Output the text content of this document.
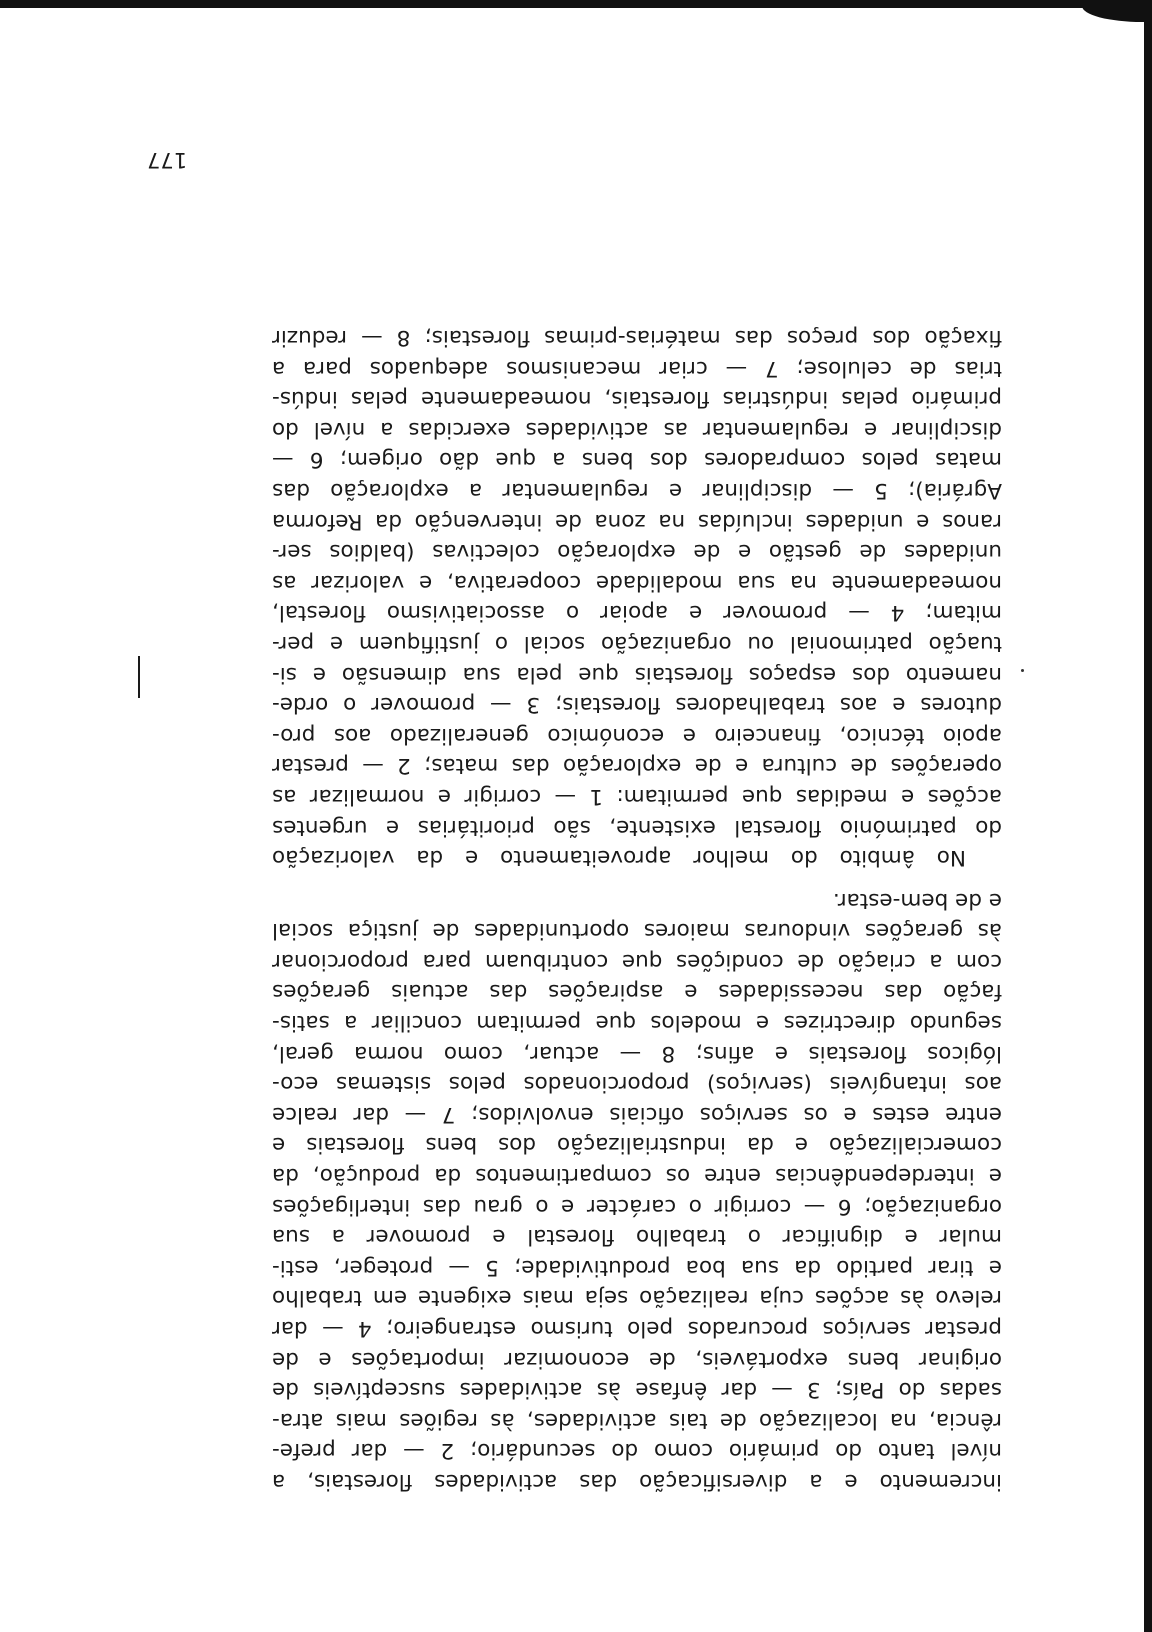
incremento e a diversificação das actividades florestais, a
nível tanto do primário como do secundário; 2 — dar prefe-
rência, na localização de tais actividades, às regiões mais atra-
sadas do País; 3 — dar ênfase às actividades susceptíveis de
originar bens exportáveis, de economizar importações e de
prestar serviços procurados pelo turismo estrangeiro; 4 — dar
relevo às acções cuja realização seja mais exigente em trabalho
e tirar partido da sua boa produtividade; 5 — proteger, esti-
mular e dignificar o trabalho florestal e promover a sua
organização; 6 — corrigir o carácter e o grau das interligações
e interdependências entre os compartimentos da produção, da
comercialização e da industrialização dos bens florestais e
entre estes e os serviços oficiais envolvidos; 7 — dar realce
aos intangíveis (serviços) proporcionados pelos sistemas eco-
lógicos florestais e afins; 8 — actuar, como norma geral,
segundo directrizes e modelos que permitam conciliar a satis-
fação das necessidades e aspirações das actuais gerações
com a criação de condições que contribuam para proporcionar
às gerações vindouras maiores oportunidades de justiça social
e de bem-estar.
No âmbito do melhor aproveitamento e da valorização
do património florestal existente, são prioritárias e urgentes
acções e medidas que permitam: 1 — corrigir e normalizar as
operações de cultura e de exploração das matas; 2 — prestar
apoio técnico, financeiro e económico generalizado aos pro-
dutores e aos trabalhadores florestais; 3 — promover o orde-
namento dos espaços florestais que pela sua dimensão e si-
tuação patrimonial ou organização social o justifiquem e per-
mitam; 4 — promover e apoiar o associativismo florestal,
nomeadamente na sua modalidade cooperativa, e valorizar as
unidades de gestão e de exploração colectivas (baldios ser-
ranos e unidades incluídas na zona de intervenção da Reforma
Agrária); 5 — disciplinar e regulamentar a exploração das
matas pelos compradores dos bens a que dão origem; 6 —
disciplinar e regulamentar as actividades exercidas a nível do
primário pelas indústrias florestais, nomeadamente pelas indús-
trias de celulose; 7 — criar mecanismos adequados para a
fixação dos preços das matérias-primas florestais; 8 — reduzir
177
